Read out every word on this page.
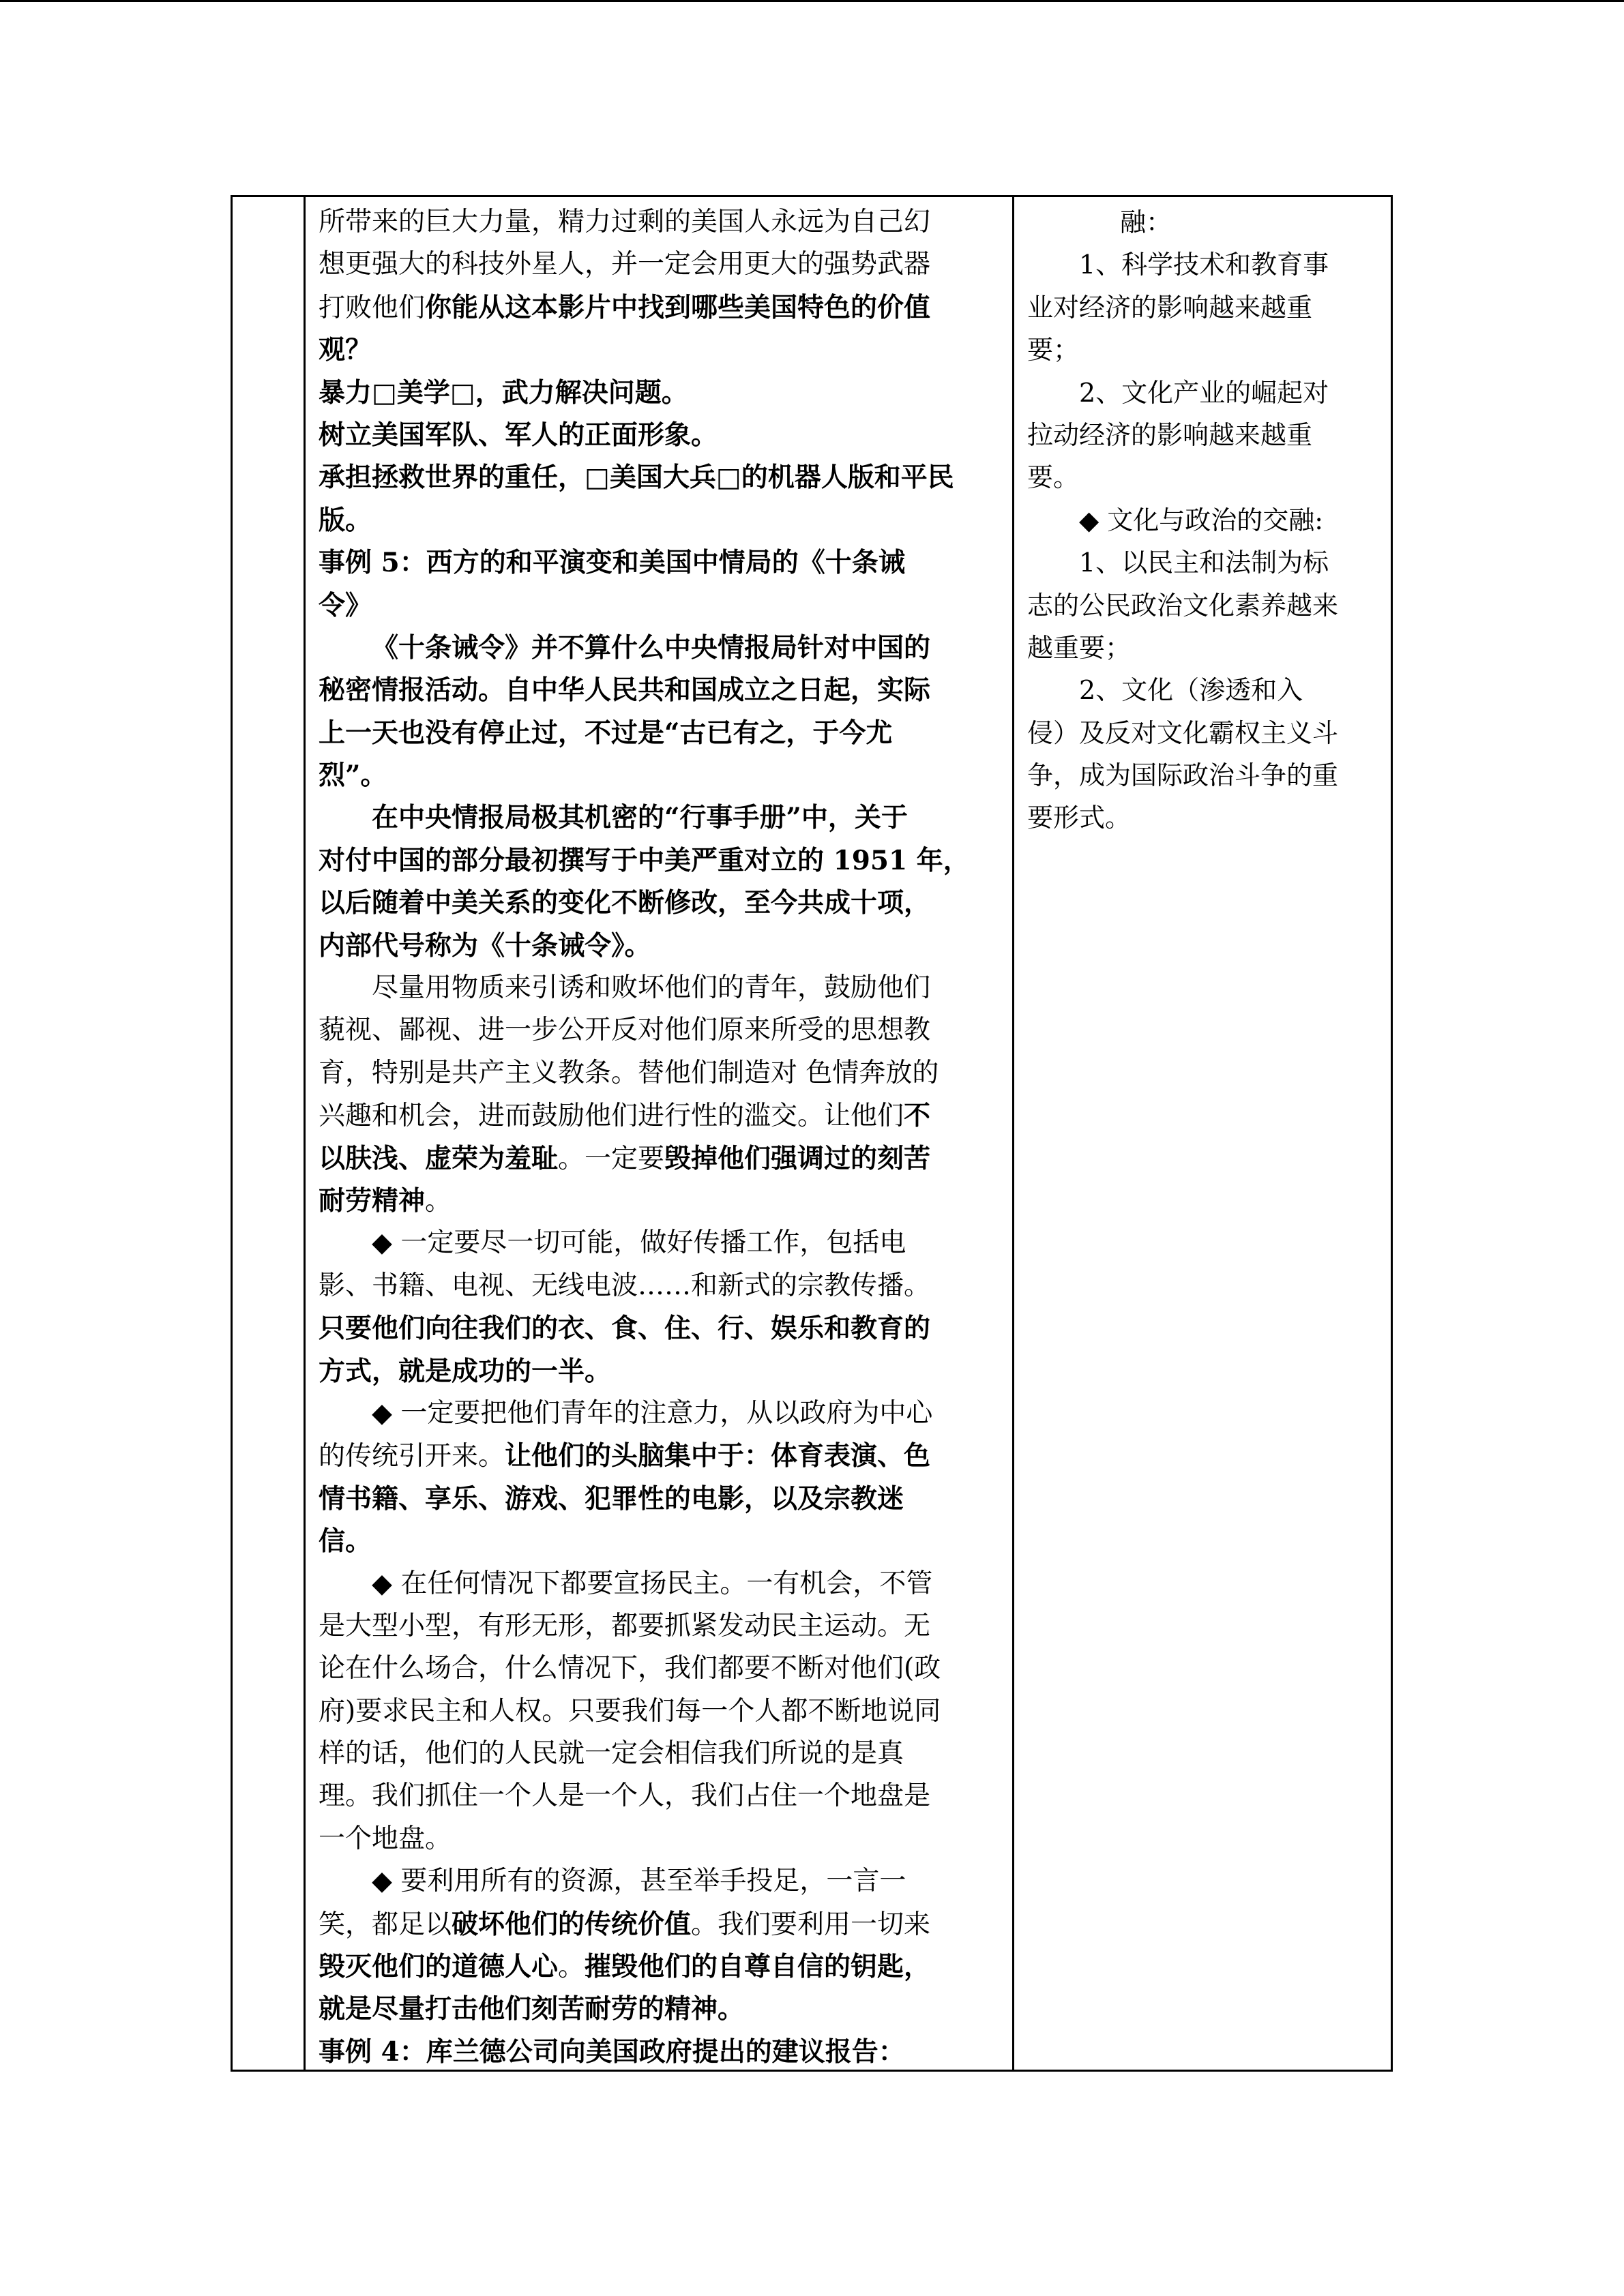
所带来的巨大力量，精力过剩的美国人永远为自己幻
想更强大的科技外星人，并一定会用更大的强势武器
打败他们你能从这本影片中找到哪些美国特色的价值
观？
暴力□美学□，武力解决问题。
树立美国军队、军人的正面形象。
承担拯救世界的重任，□美国大兵□的机器人版和平民
版。
事例 5：西方的和平演变和美国中情局的《十条诫
令》
《十条诫令》并不算什么中央情报局针对中国的
秘密情报活动。自中华人民共和国成立之日起，实际
上一天也没有停止过，不过是“古已有之，于今尤
烈”。
在中央情报局极其机密的“行事手册”中，关于
对付中国的部分最初撰写于中美严重对立的 1951 年，
以后随着中美关系的变化不断修改，至今共成十项，
内部代号称为《十条诫令》。
尽量用物质来引诱和败坏他们的青年，鼓励他们
藐视、鄙视、进一步公开反对他们原来所受的思想教
育，特别是共产主义教条。替他们制造对 色情奔放的
兴趣和机会，进而鼓励他们进行性的滥交。让他们不
以肤浅、虚荣为羞耻。一定要毁掉他们强调过的刻苦
耐劳精神。
◆ 一定要尽一切可能，做好传播工作，包括电
影、书籍、电视、无线电波……和新式的宗教传播。
只要他们向往我们的衣、食、住、行、娱乐和教育的
方式，就是成功的一半。
◆ 一定要把他们青年的注意力，从以政府为中心
的传统引开来。让他们的头脑集中于：体育表演、色
情书籍、享乐、游戏、犯罪性的电影，以及宗教迷
信。
◆ 在任何情况下都要宣扬民主。一有机会，不管
是大型小型，有形无形，都要抓紧发动民主运动。无
论在什么场合，什么情况下，我们都要不断对他们(政
府)要求民主和人权。只要我们每一个人都不断地说同
样的话，他们的人民就一定会相信我们所说的是真
理。我们抓住一个人是一个人，我们占住一个地盘是
一个地盘。
◆ 要利用所有的资源，甚至举手投足，一言一
笑，都足以破坏他们的传统价值。我们要利用一切来
毁灭他们的道德人心。摧毁他们的自尊自信的钥匙，
就是尽量打击他们刻苦耐劳的精神。
事例 4：库兰德公司向美国政府提出的建议报告：
融：
1、科学技术和教育事
业对经济的影响越来越重
要；
2、文化产业的崛起对
拉动经济的影响越来越重
要。
◆ 文化与政治的交融:
1、以民主和法制为标
志的公民政治文化素养越来
越重要；
2、文化（渗透和入
侵）及反对文化霸权主义斗
争，成为国际政治斗争的重
要形式。
